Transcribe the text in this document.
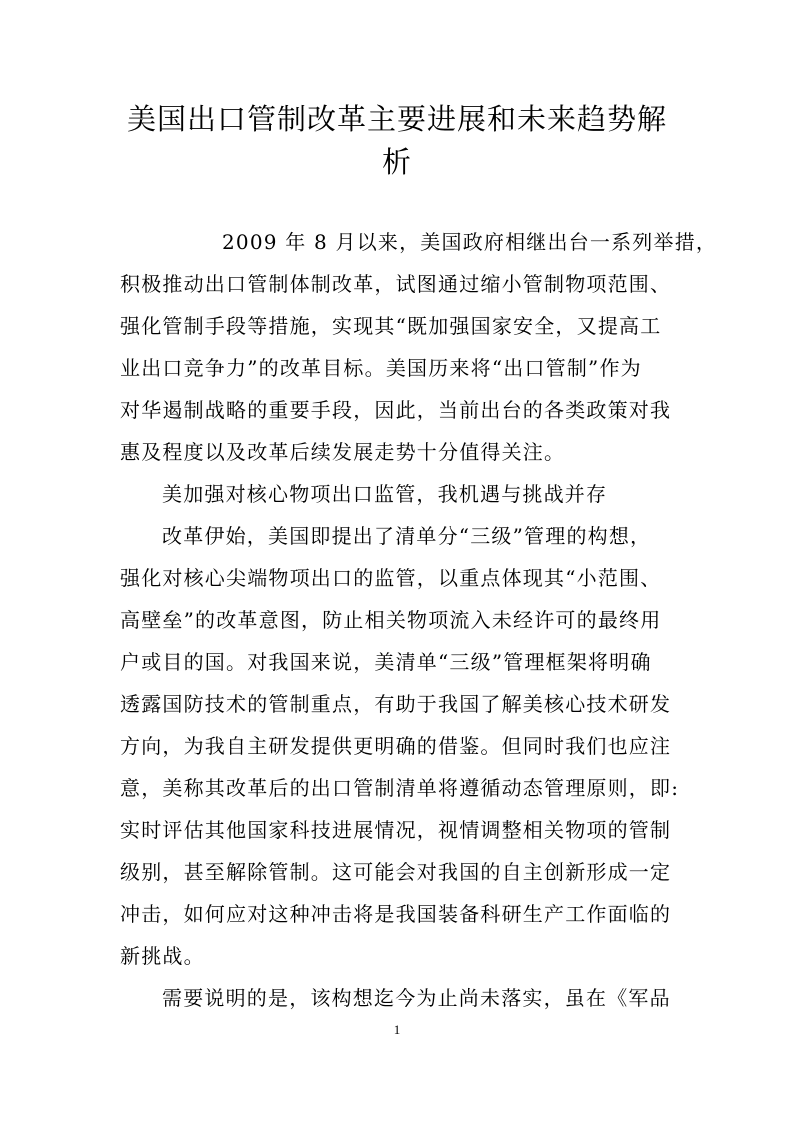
美国出口管制改革主要进展和未来趋势解
析
2009 年 8 月以来，美国政府相继出台一系列举措，
积极推动出口管制体制改革，试图通过缩小管制物项范围、
强化管制手段等措施，实现其“既加强国家安全，又提高工
业出口竞争力”的改革目标。美国历来将“出口管制”作为
对华遏制战略的重要手段，因此，当前出台的各类政策对我
惠及程度以及改革后续发展走势十分值得关注。
美加强对核心物项出口监管，我机遇与挑战并存
改革伊始，美国即提出了清单分“三级”管理的构想，
强化对核心尖端物项出口的监管，以重点体现其“小范围、
高壁垒”的改革意图，防止相关物项流入未经许可的最终用
户或目的国。对我国来说，美清单“三级”管理框架将明确
透露国防技术的管制重点，有助于我国了解美核心技术研发
方向，为我自主研发提供更明确的借鉴。但同时我们也应注
意，美称其改革后的出口管制清单将遵循动态管理原则，即:
实时评估其他国家科技进展情况，视情调整相关物项的管制
级别，甚至解除管制。这可能会对我国的自主创新形成一定
冲击，如何应对这种冲击将是我国装备科研生产工作面临的
新挑战。
需要说明的是，该构想迄今为止尚未落实，虽在《军品
1
